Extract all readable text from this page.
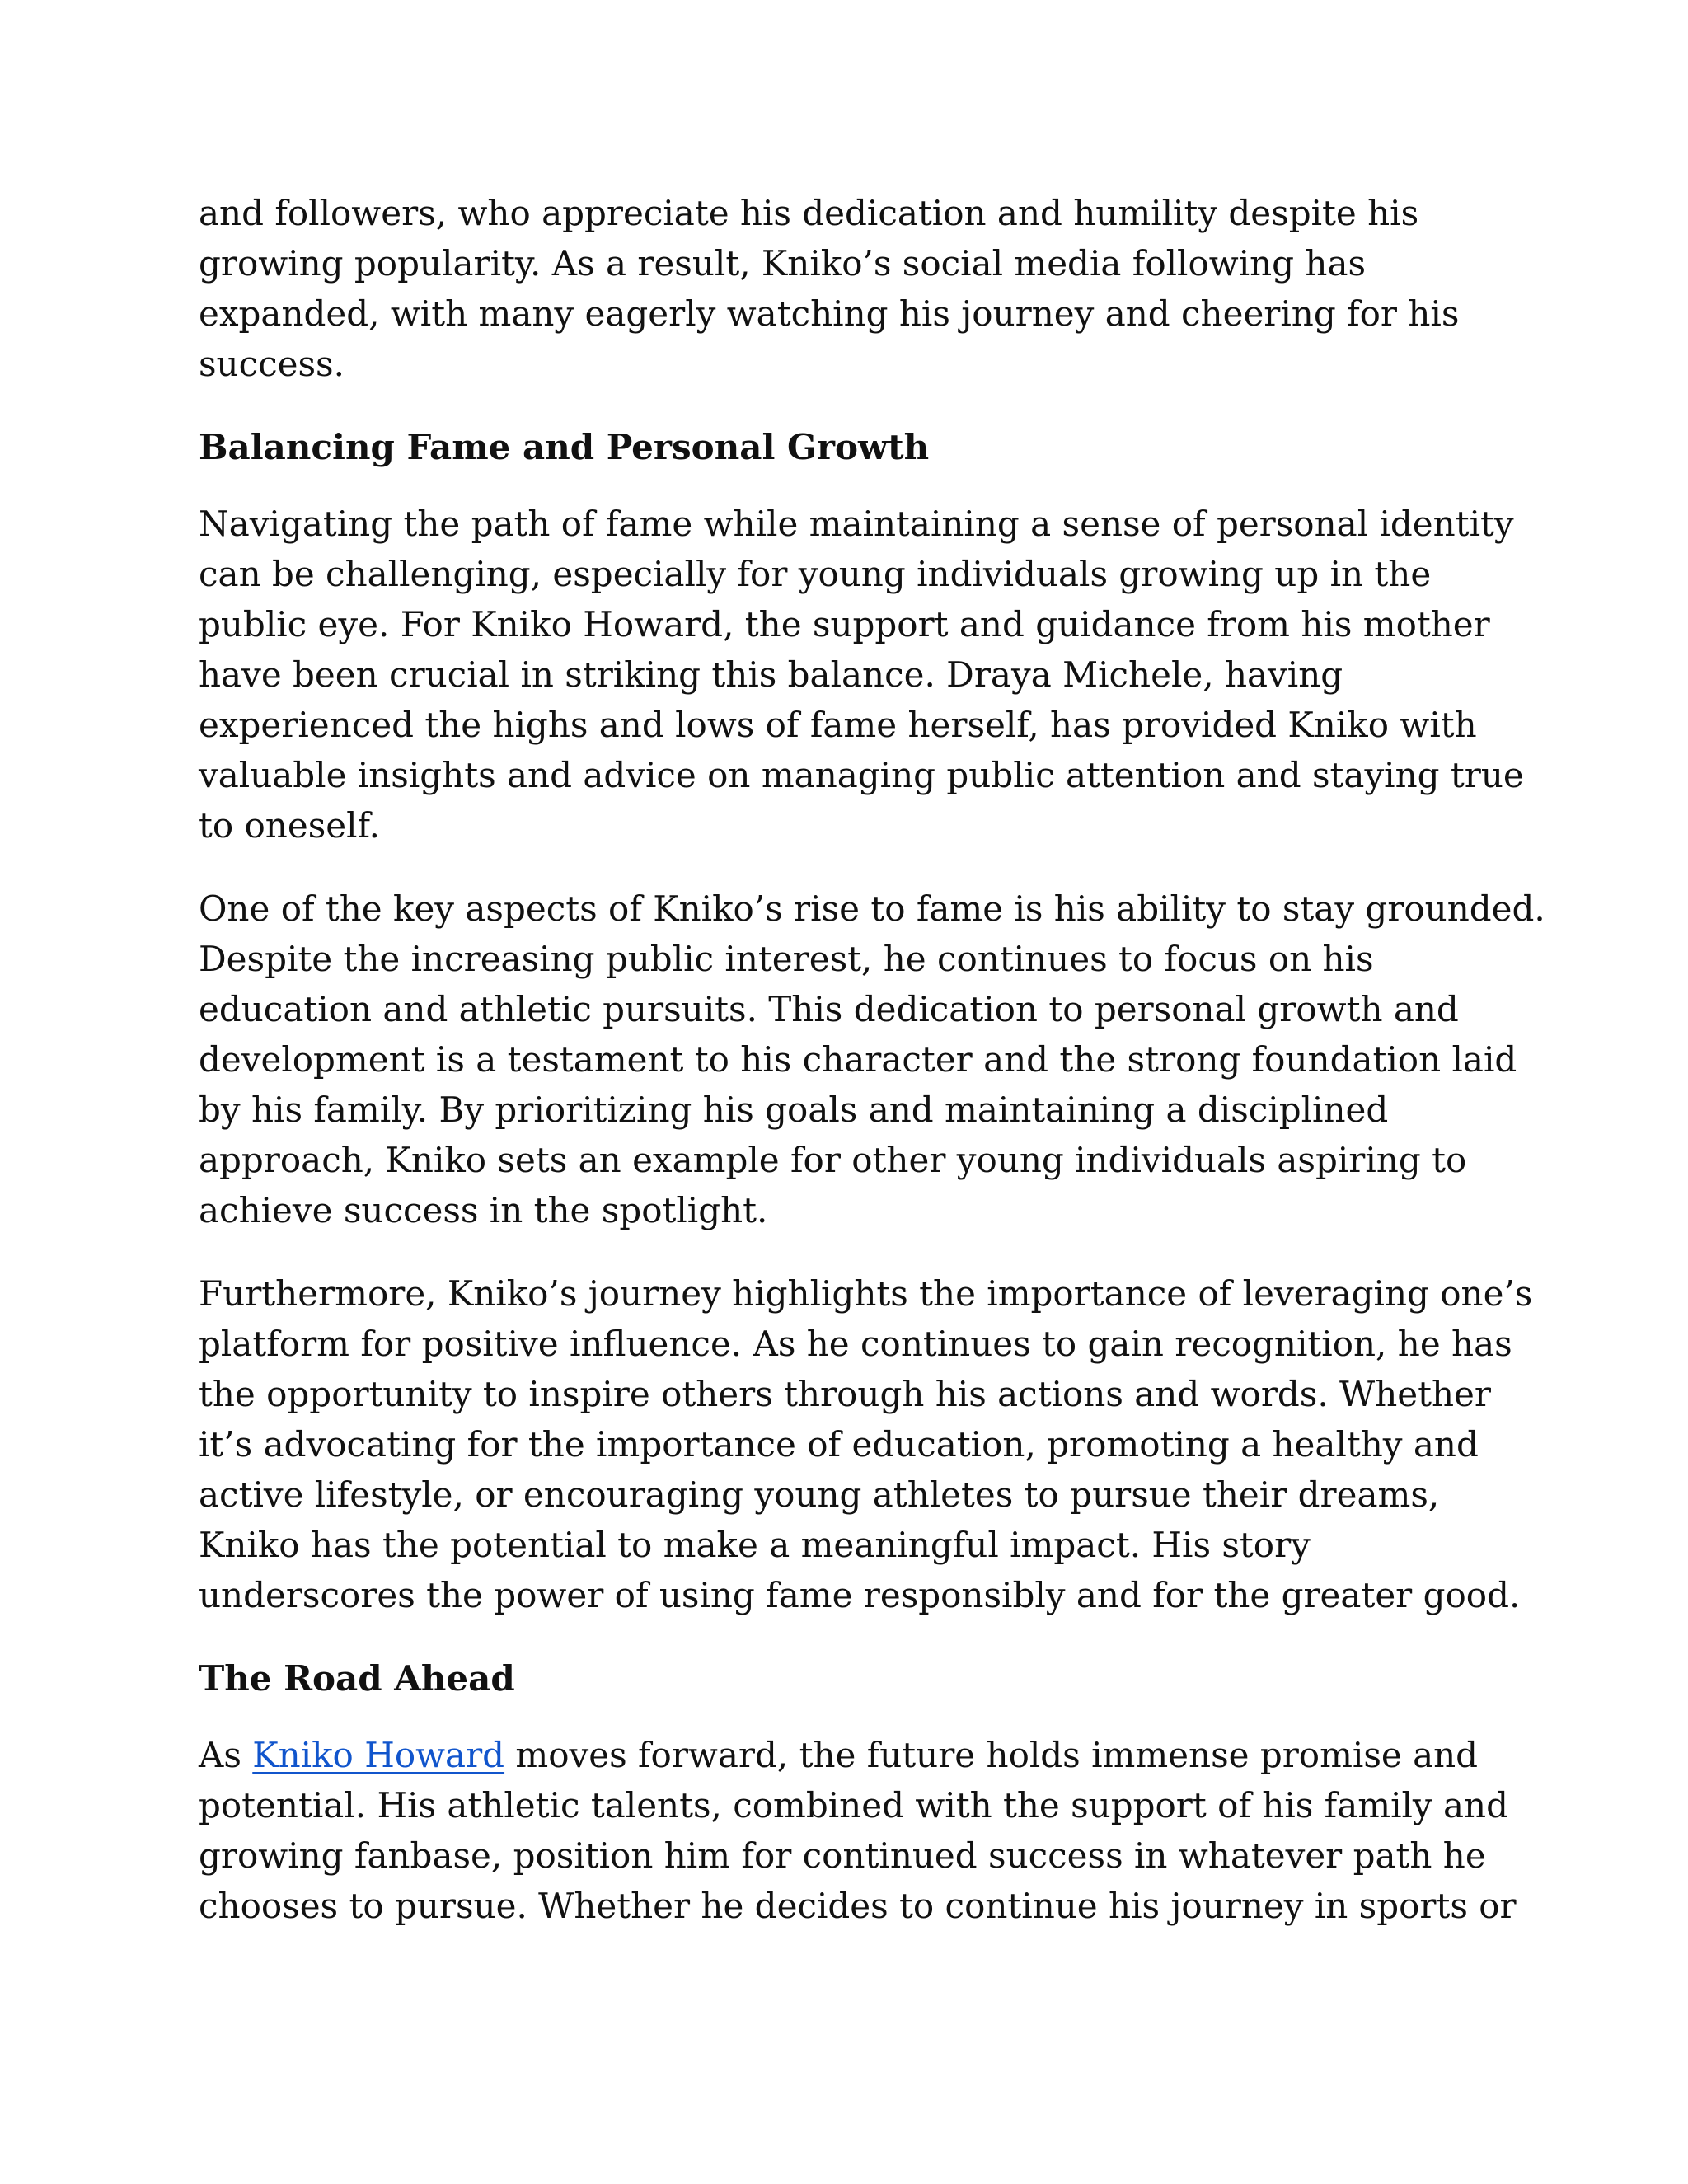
and followers, who appreciate his dedication and humility despite his
growing popularity. As a result, Kniko’s social media following has
expanded, with many eagerly watching his journey and cheering for his
success.

Balancing Fame and Personal Growth

Navigating the path of fame while maintaining a sense of personal identity
can be challenging, especially for young individuals growing up in the
public eye. For Kniko Howard, the support and guidance from his mother
have been crucial in striking this balance. Draya Michele, having
experienced the highs and lows of fame herself, has provided Kniko with
valuable insights and advice on managing public attention and staying true
to oneself.

One of the key aspects of Kniko’s rise to fame is his ability to stay grounded.
Despite the increasing public interest, he continues to focus on his
education and athletic pursuits. This dedication to personal growth and
development is a testament to his character and the strong foundation laid
by his family. By prioritizing his goals and maintaining a disciplined
approach, Kniko sets an example for other young individuals aspiring to
achieve success in the spotlight.

Furthermore, Kniko’s journey highlights the importance of leveraging one’s
platform for positive influence. As he continues to gain recognition, he has
the opportunity to inspire others through his actions and words. Whether
it’s advocating for the importance of education, promoting a healthy and
active lifestyle, or encouraging young athletes to pursue their dreams,
Kniko has the potential to make a meaningful impact. His story
underscores the power of using fame responsibly and for the greater good.

The Road Ahead

As Kniko Howard moves forward, the future holds immense promise and
potential. His athletic talents, combined with the support of his family and
growing fanbase, position him for continued success in whatever path he
chooses to pursue. Whether he decides to continue his journey in sports or
